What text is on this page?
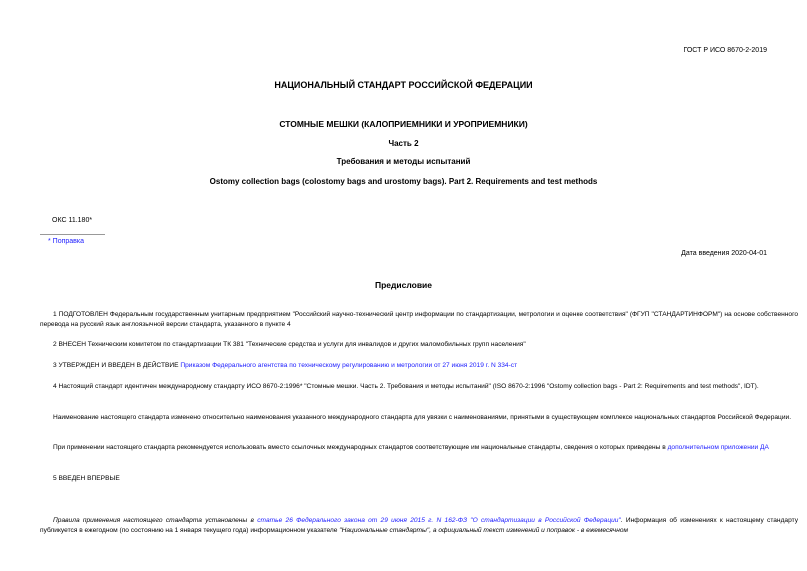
ГОСТ Р ИСО 8670-2-2019
НАЦИОНАЛЬНЫЙ СТАНДАРТ РОССИЙСКОЙ ФЕДЕРАЦИИ
СТОМНЫЕ МЕШКИ (КАЛОПРИЕМНИКИ И УРОПРИЕМНИКИ)
Часть 2
Требования и методы испытаний
Ostomy collection bags (colostomy bags and urostomy bags). Part 2. Requirements and test methods
ОКС 11.180*
* Поправка
Дата введения 2020-04-01
Предисловие
1 ПОДГОТОВЛЕН Федеральным государственным унитарным предприятием "Российский научно-технический центр информации по стандартизации, метрологии и оценке соответствия" (ФГУП "СТАНДАРТИНФОРМ") на основе собственного перевода на русский язык англоязычной версии стандарта, указанного в пункте 4
2 ВНЕСЕН Техническим комитетом по стандартизации ТК 381 "Технические средства и услуги для инвалидов и других маломобильных групп населения"
3 УТВЕРЖДЕН И ВВЕДЕН В ДЕЙСТВИЕ Приказом Федерального агентства по техническому регулированию и метрологии от 27 июня 2019 г. N 334-ст
4 Настоящий стандарт идентичен международному стандарту ИСО 8670-2:1996* "Стомные мешки. Часть 2. Требования и методы испытаний" (ISO 8670-2:1996 "Ostomy collection bags - Part 2: Requirements and test methods", IDT).
Наименование настоящего стандарта изменено относительно наименования указанного международного стандарта для увязки с наименованиями, принятыми в существующем комплексе национальных стандартов Российской Федерации.
При применении настоящего стандарта рекомендуется использовать вместо ссылочных международных стандартов соответствующие им национальные стандарты, сведения о которых приведены в дополнительном приложении ДА
5 ВВЕДЕН ВПЕРВЫЕ
Правила применения настоящего стандарта установлены в статье 26 Федерального закона от 29 июня 2015 г. N 162-ФЗ "О стандартизации в Российской Федерации". Информация об изменениях к настоящему стандарту публикуется в ежегодном (по состоянию на 1 января текущего года) информационном указателе "Национальные стандарты", а официальный текст изменений и поправок - в ежемесячном
